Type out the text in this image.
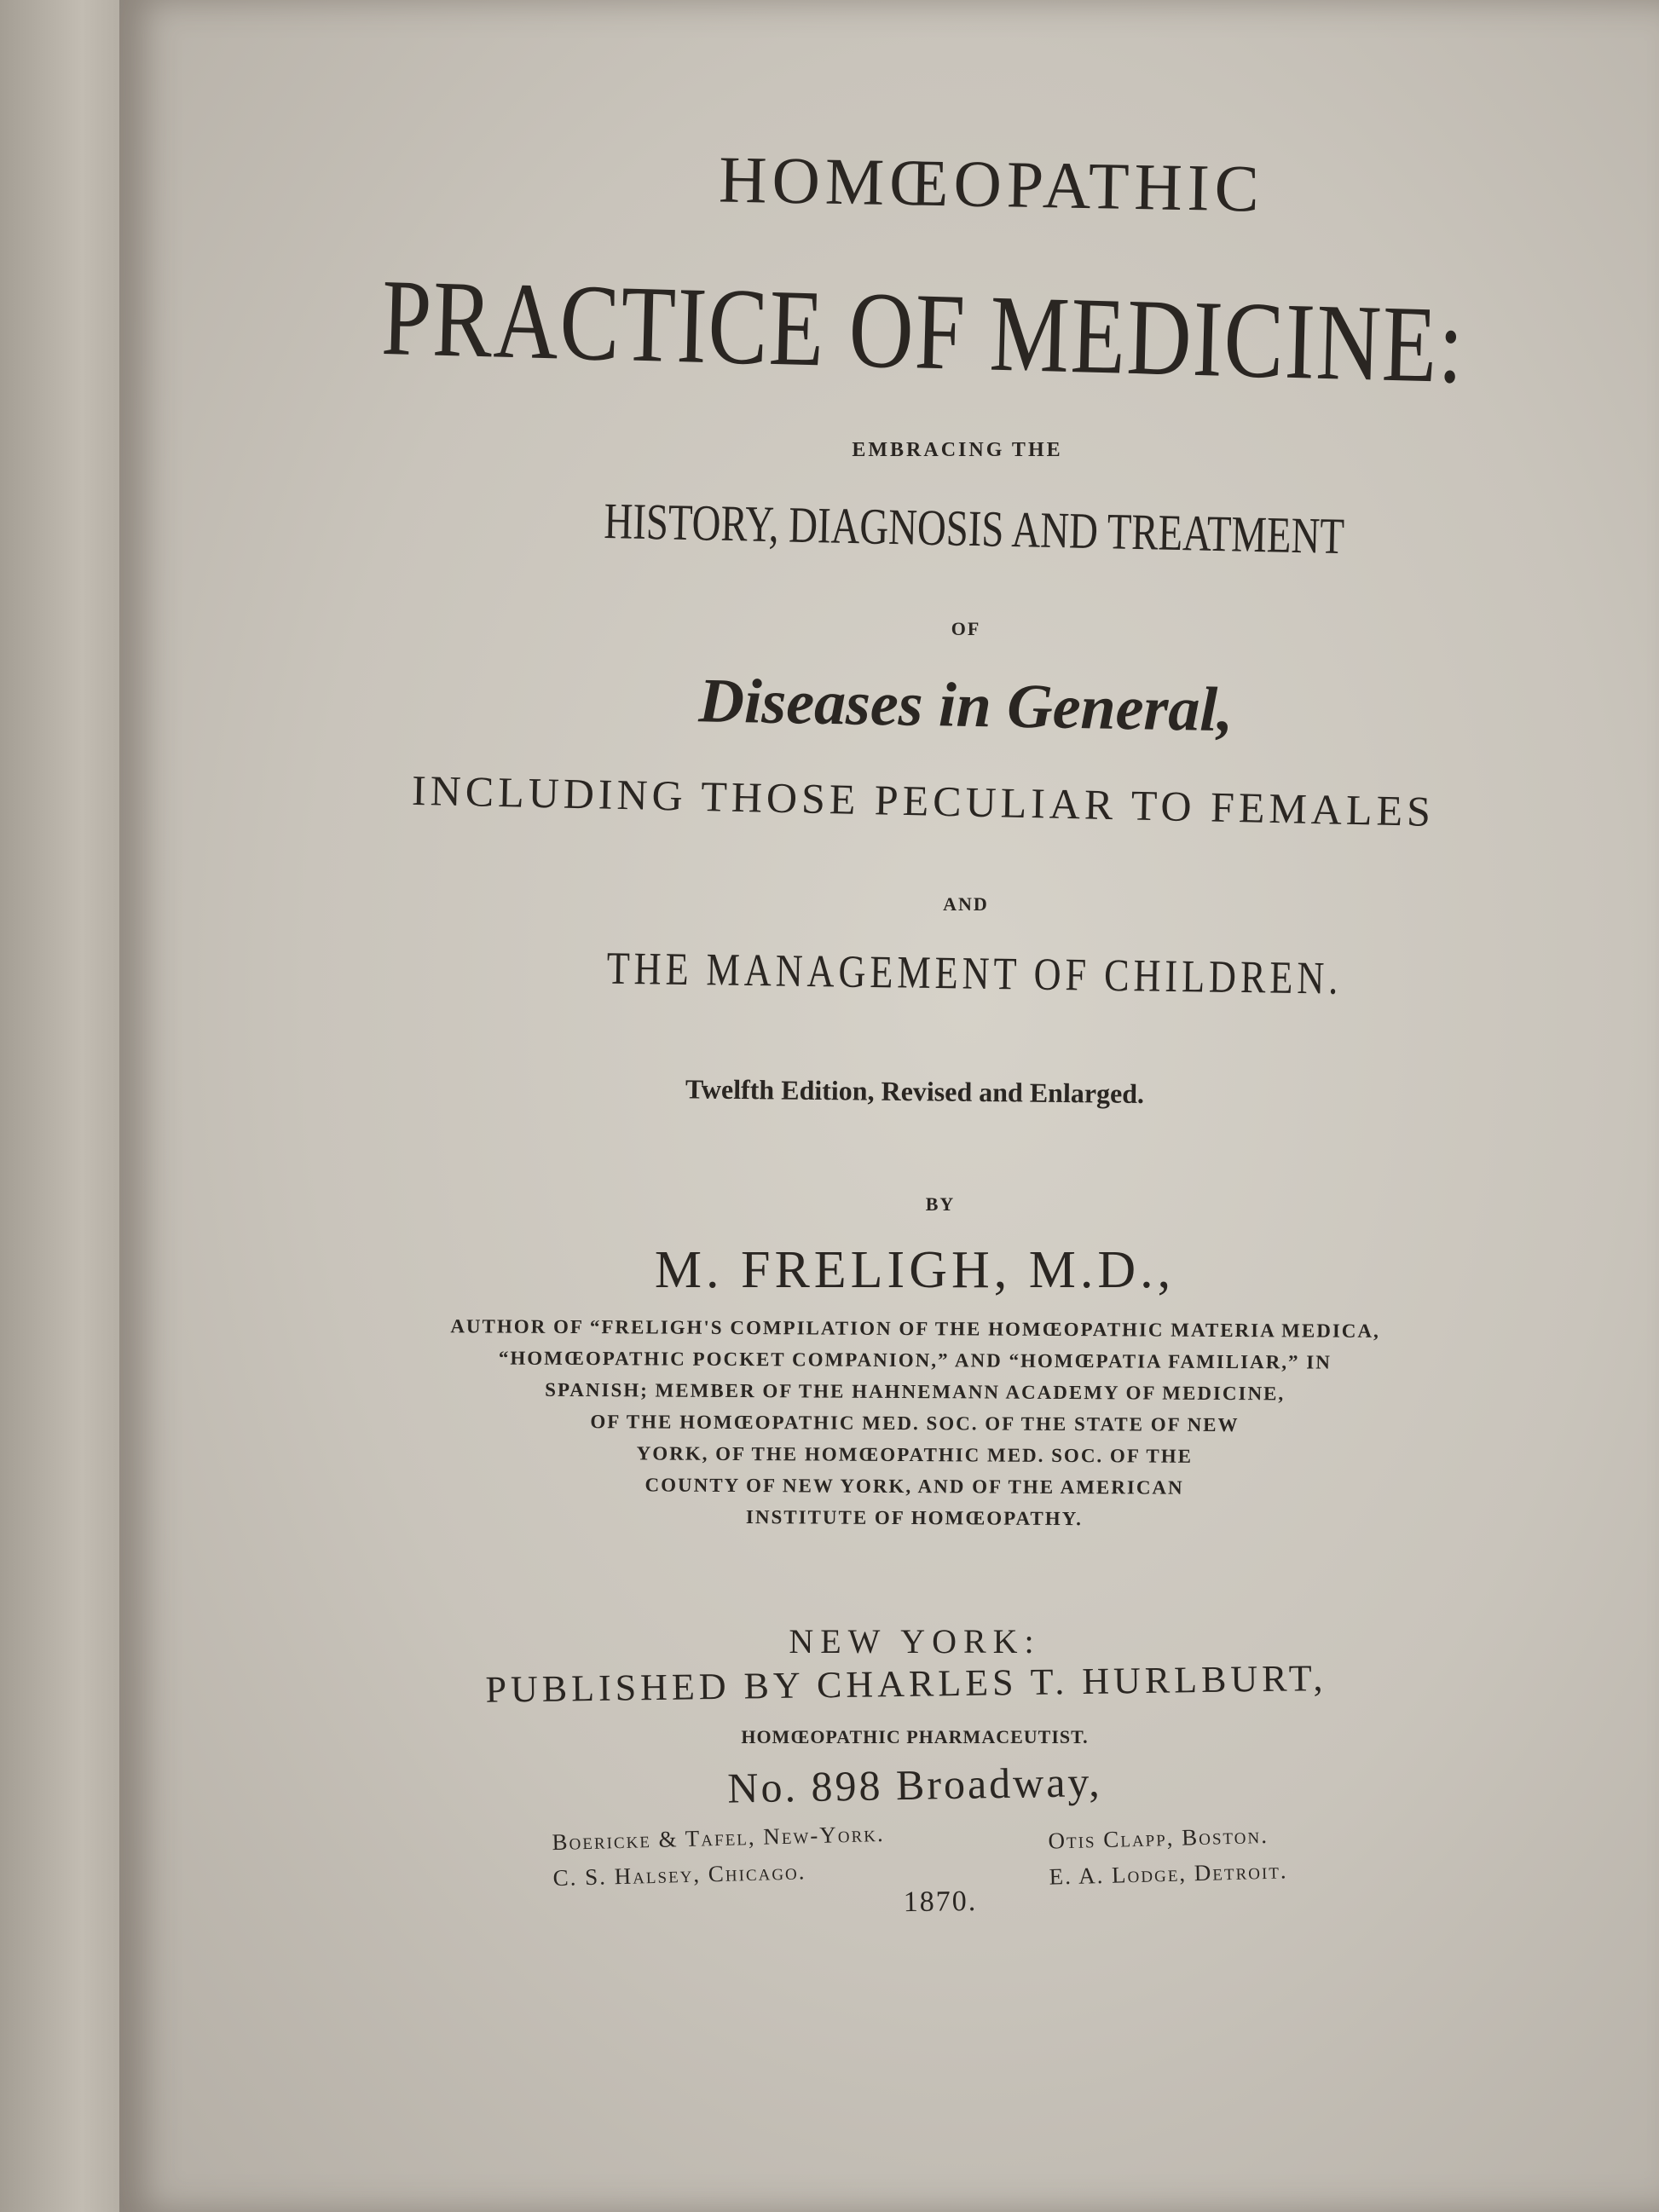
HOMŒOPATHIC
PRACTICE OF MEDICINE:
EMBRACING THE
HISTORY, DIAGNOSIS AND TREATMENT
OF
Diseases in General,
INCLUDING THOSE PECULIAR TO FEMALES
AND
THE MANAGEMENT OF CHILDREN.
Twelfth Edition, Revised and Enlarged.
BY
M. FRELIGH, M.D.,
AUTHOR OF “FRELIGH'S COMPILATION OF THE HOMŒOPATHIC MATERIA MEDICA,
“HOMŒOPATHIC POCKET COMPANION,” AND “HOMŒPATIA FAMILIAR,” IN
SPANISH; MEMBER OF THE HAHNEMANN ACADEMY OF MEDICINE,
OF THE HOMŒOPATHIC MED. SOC. OF THE STATE OF NEW
YORK, OF THE HOMŒOPATHIC MED. SOC. OF THE
COUNTY OF NEW YORK, AND OF THE AMERICAN
INSTITUTE OF HOMŒOPATHY.
NEW YORK:
PUBLISHED BY CHARLES T. HURLBURT,
HOMŒOPATHIC PHARMACEUTIST.
No. 898 Broadway,
Boericke & Tafel, New-York.
C. S. Halsey, Chicago.
Otis Clapp, Boston.
E. A. Lodge, Detroit.
1870.
